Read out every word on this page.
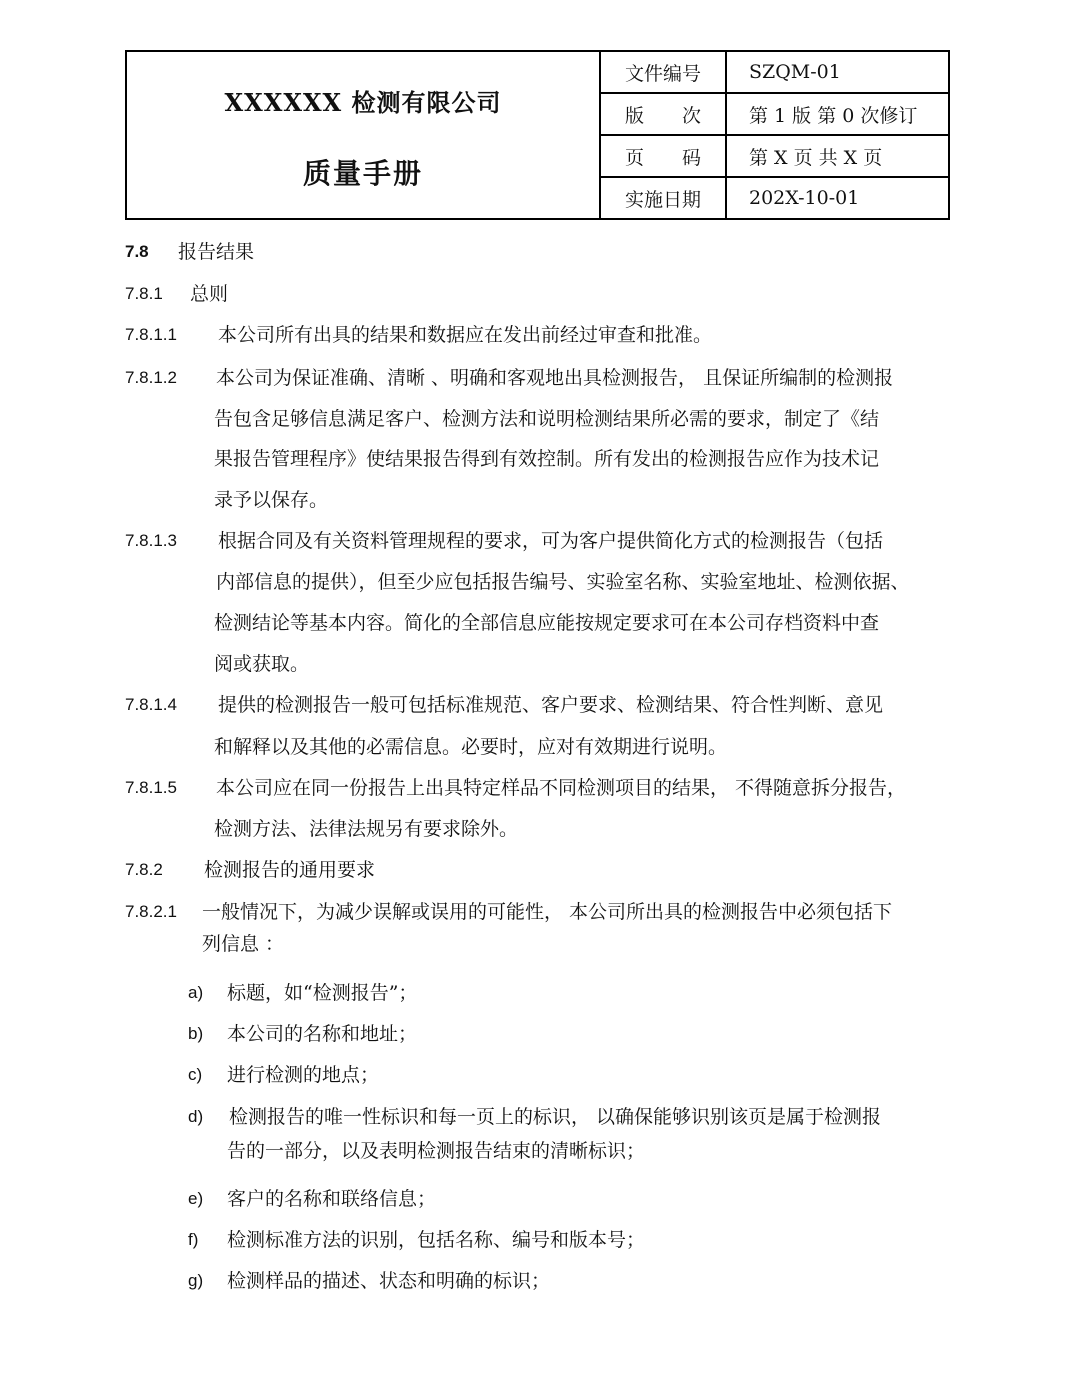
XXXXXX 检测有限公司
质量手册	文件编号	SZQM-01
	版　　次	第 1 版 第 0 次修订
	页　　码	第 X 页 共 X 页
	实施日期	202X-10-01
7.8 报告结果
7.8.1 总则
7.8.1.1 本公司所有出具的结果和数据应在发出前经过审查和批准。
7.8.1.2 本公司为保证准确、清晰 、明确和客观地出具检测报告， 且保证所编制的检测报
告包含足够信息满足客户、检测方法和说明检测结果所必需的要求，制定了《结
果报告管理程序》使结果报告得到有效控制。所有发出的检测报告应作为技术记
录予以保存。
7.8.1.3 根据合同及有关资料管理规程的要求，可为客户提供简化方式的检测报告（包括
内部信息的提供），但至少应包括报告编号、实验室名称、实验室地址、检测依据、
检测结论等基本内容。简化的全部信息应能按规定要求可在本公司存档资料中查
阅或获取。
7.8.1.4 提供的检测报告一般可包括标准规范、客户要求、检测结果、符合性判断、意见
和解释以及其他的必需信息。必要时，应对有效期进行说明。
7.8.1.5 本公司应在同一份报告上出具特定样品不同检测项目的结果， 不得随意拆分报告，
检测方法、法律法规另有要求除外。
7.8.2 检测报告的通用要求
7.8.2.1 一般情况下，为减少误解或误用的可能性， 本公司所出具的检测报告中必须包括下
列信息 ：
a) 标题，如“检测报告”；
b) 本公司的名称和地址；
c) 进行检测的地点；
d) 检测报告的唯一性标识和每一页上的标识， 以确保能够识别该页是属于检测报
告的一部分，以及表明检测报告结束的清晰标识；
e) 客户的名称和联络信息；
f) 检测标准方法的识别，包括名称、编号和版本号；
g) 检测样品的描述、状态和明确的标识；
